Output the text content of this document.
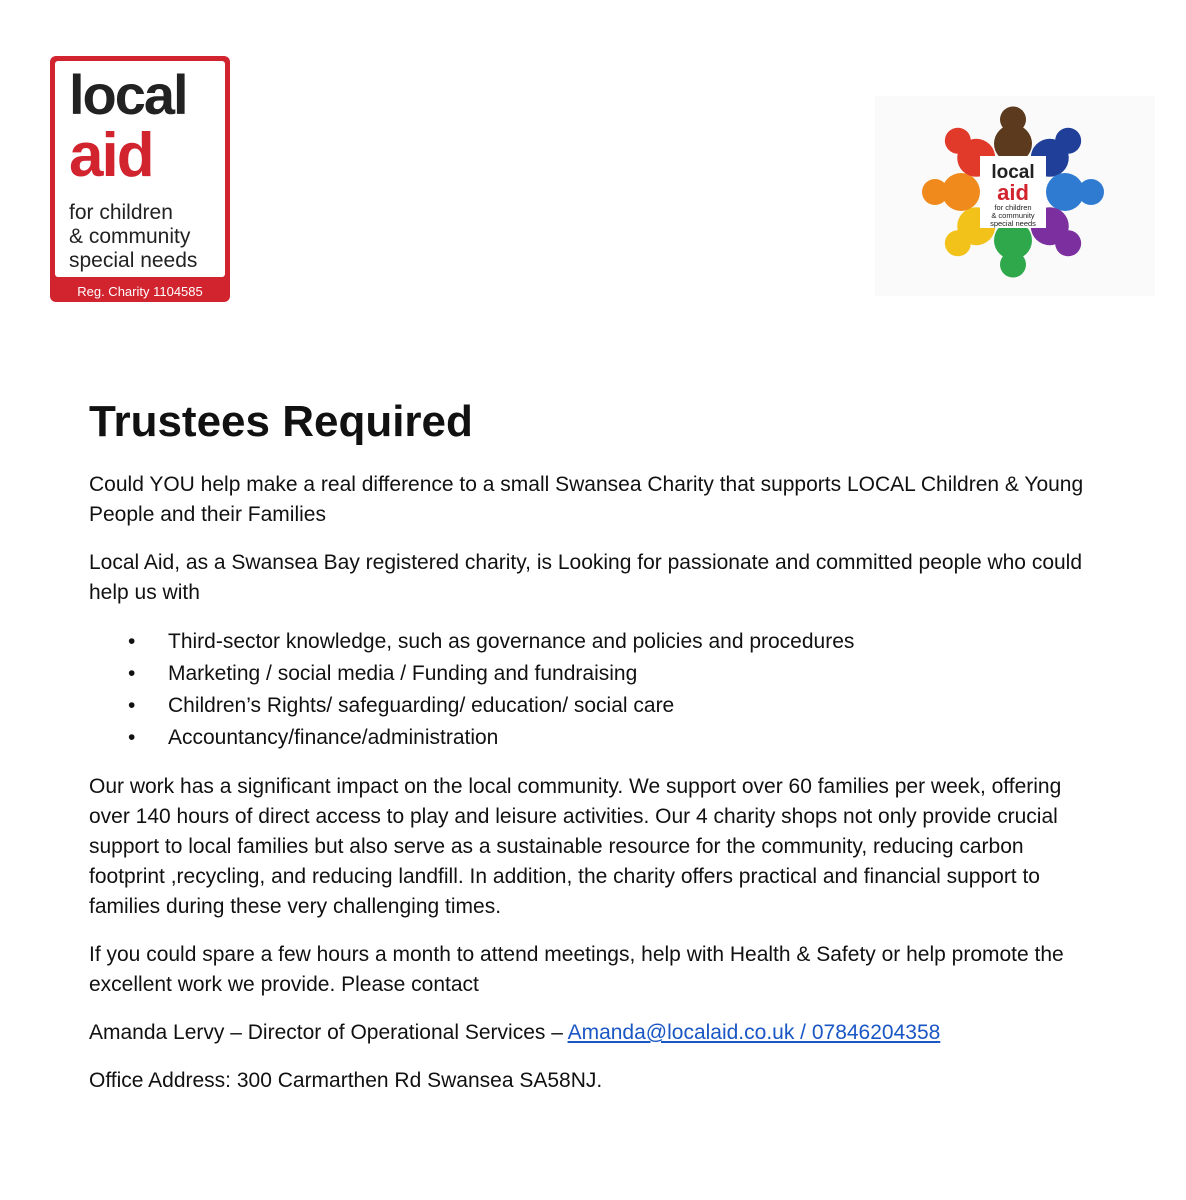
local
aid
for children
& community
special needs
Reg. Charity 1104585
local
aid
for children
& community
special needs
Trustees Required

Could YOU help make a real difference to a small Swansea Charity that supports LOCAL Children & Young People and their Families

Local Aid, as a Swansea Bay registered charity, is Looking for passionate and committed people who could help us with

• Third-sector knowledge, such as governance and policies and procedures
• Marketing / social media / Funding and fundraising
• Children’s Rights/ safeguarding/ education/ social care
• Accountancy/finance/administration

Our work has a significant impact on the local community. We support over 60 families per week, offering over 140 hours of direct access to play and leisure activities. Our 4 charity shops not only provide crucial support to local families but also serve as a sustainable resource for the community, reducing carbon footprint ,recycling, and reducing landfill. In addition, the charity offers practical and financial support to families during these very challenging times.

If you could spare a few hours a month to attend meetings, help with Health & Safety or help promote the excellent work we provide. Please contact

Amanda Lervy – Director of Operational Services – Amanda@localaid.co.uk / 07846204358

Office Address: 300 Carmarthen Rd Swansea SA58NJ.
